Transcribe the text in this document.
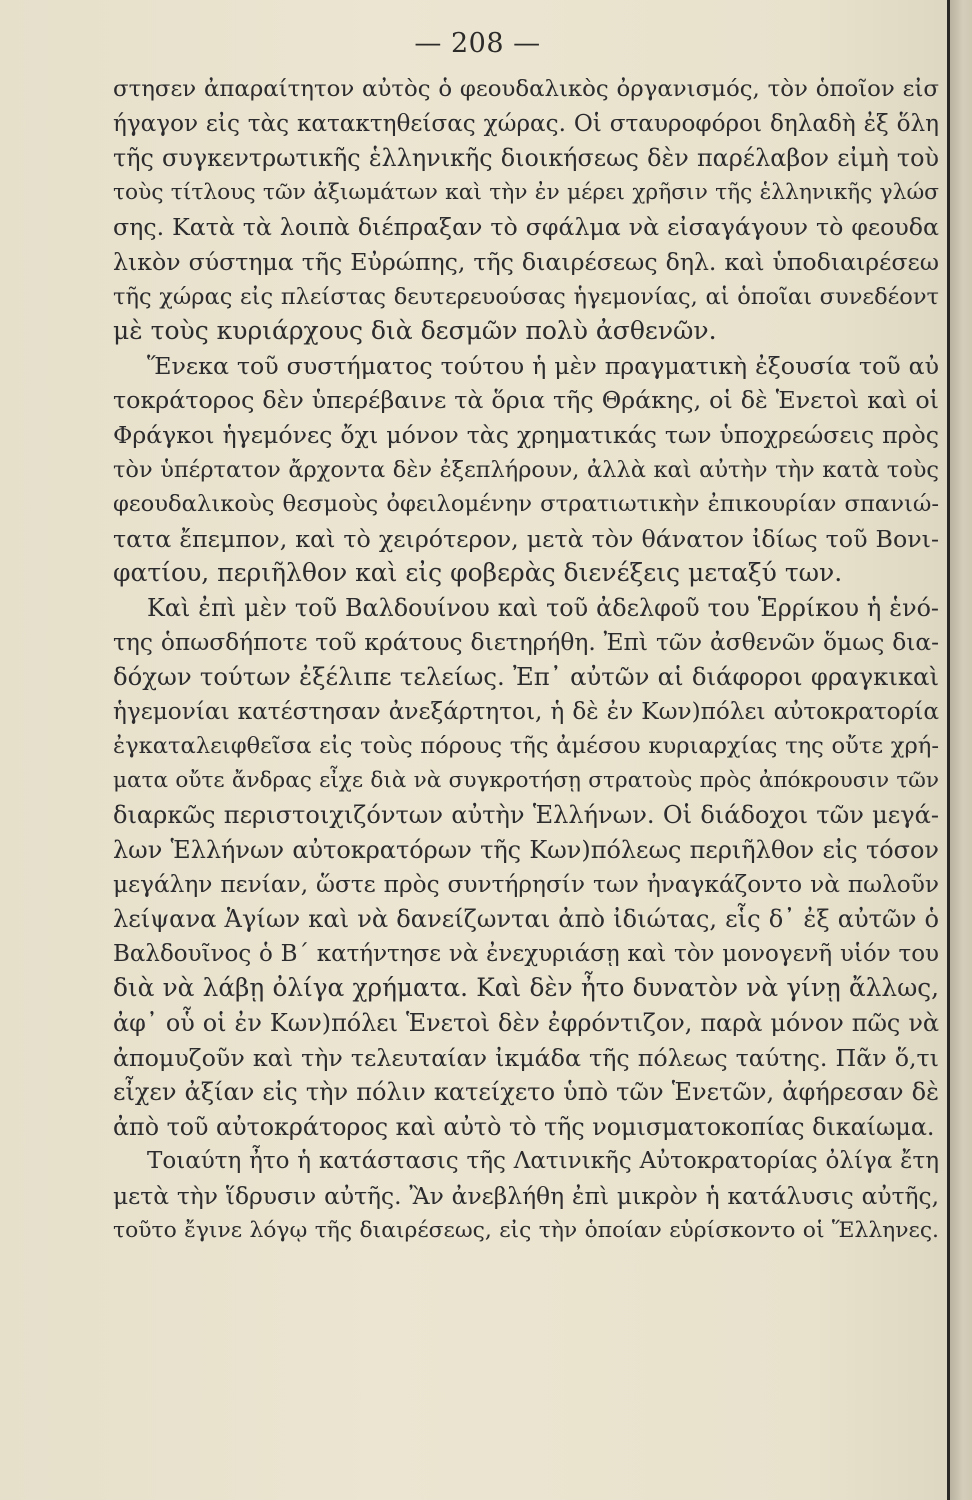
— 208 —
στησεν ἀπαραίτητον αὐτὸς ὁ φεουδαλικὸς ὀργανισμός, τὸν ὁποῖον εἰσ
ήγαγον εἰς τὰς κατακτηθείσας χώρας. Οἱ σταυροφόροι δηλαδὴ ἐξ ὅλη
τῆς συγκεντρωτικῆς ἑλληνικῆς διοικήσεως δὲν παρέλαβον εἰμὴ τοὺ
τοὺς τίτλους τῶν ἀξιωμάτων καὶ τὴν ἐν μέρει χρῆσιν τῆς ἑλληνικῆς γλώσ
σης. Κατὰ τὰ λοιπὰ διέπραξαν τὸ σφάλμα νὰ εἰσαγάγουν τὸ φεουδα
λικὸν σύστημα τῆς Εὐρώπης, τῆς διαιρέσεως δηλ. καὶ ὑποδιαιρέσεω
τῆς χώρας εἰς πλείστας δευτερευούσας ἡγεμονίας, αἱ ὁποῖαι συνεδέοντ
μὲ τοὺς κυριάρχους διὰ δεσμῶν πολὺ ἀσθενῶν.
Ἕνεκα τοῦ συστήματος τούτου ἡ μὲν πραγματικὴ ἐξουσία τοῦ αὐ
τοκράτορος δὲν ὑπερέβαινε τὰ ὅρια τῆς Θράκης, οἱ δὲ Ἑνετοὶ καὶ οἱ
Φράγκοι ἡγεμόνες ὄχι μόνον τὰς χρηματικάς των ὑποχρεώσεις πρὸς
τὸν ὑπέρτατον ἄρχοντα δὲν ἐξεπλήρουν, ἀλλὰ καὶ αὐτὴν τὴν κατὰ τοὺς
φεουδαλικοὺς θεσμοὺς ὀφειλομένην στρατιωτικὴν ἐπικουρίαν σπανιώ-
τατα ἔπεμπον, καὶ τὸ χειρότερον, μετὰ τὸν θάνατον ἰδίως τοῦ Βονι-
φατίου, περιῆλθον καὶ εἰς φοβερὰς διενέξεις μεταξύ των.
Καὶ ἐπὶ μὲν τοῦ Βαλδουίνου καὶ τοῦ ἀδελφοῦ του Ἑρρίκου ἡ ἑνό-
της ὁπωσδήποτε τοῦ κράτους διετηρήθη. Ἐπὶ τῶν ἀσθενῶν ὅμως δια-
δόχων τούτων ἐξέλιπε τελείως. Ἐπ᾽ αὐτῶν αἱ διάφοροι φραγκικαὶ
ἡγεμονίαι κατέστησαν ἀνεξάρτητοι, ἡ δὲ ἐν Κων)πόλει αὐτοκρατορία
ἐγκαταλειφθεῖσα εἰς τοὺς πόρους τῆς ἀμέσου κυριαρχίας της οὔτε χρή-
ματα οὔτε ἄνδρας εἶχε διὰ νὰ συγκροτήσῃ στρατοὺς πρὸς ἀπόκρουσιν τῶν
διαρκῶς περιστοιχιζόντων αὐτὴν Ἑλλήνων. Οἱ διάδοχοι τῶν μεγά-
λων Ἑλλήνων αὐτοκρατόρων τῆς Κων)πόλεως περιῆλθον εἰς τόσον
μεγάλην πενίαν, ὥστε πρὸς συντήρησίν των ἠναγκάζοντο νὰ πωλοῦν
λείψανα Ἁγίων καὶ νὰ δανείζωνται ἀπὸ ἰδιώτας, εἷς δ᾽ ἐξ αὐτῶν ὁ
Βαλδουῖνος ὁ Β´ κατήντησε νὰ ἐνεχυριάσῃ καὶ τὸν μονογενῆ υἱόν του
διὰ νὰ λάβῃ ὀλίγα χρήματα. Καὶ δὲν ἦτο δυνατὸν νὰ γίνῃ ἄλλως,
ἀφ᾽ οὗ οἱ ἐν Κων)πόλει Ἑνετοὶ δὲν ἐφρόντιζον, παρὰ μόνον πῶς νὰ
ἀπομυζοῦν καὶ τὴν τελευταίαν ἰκμάδα τῆς πόλεως ταύτης. Πᾶν ὅ,τι
εἶχεν ἀξίαν εἰς τὴν πόλιν κατείχετο ὑπὸ τῶν Ἑνετῶν, ἀφήρεσαν δὲ
ἀπὸ τοῦ αὐτοκράτορος καὶ αὐτὸ τὸ τῆς νομισματοκοπίας δικαίωμα.
Τοιαύτη ἦτο ἡ κατάστασις τῆς Λατινικῆς Αὐτοκρατορίας ὀλίγα ἔτη
μετὰ τὴν ἵδρυσιν αὐτῆς. Ἂν ἀνεβλήθη ἐπὶ μικρὸν ἡ κατάλυσις αὐτῆς,
τοῦτο ἔγινε λόγῳ τῆς διαιρέσεως, εἰς τὴν ὁποίαν εὑρίσκοντο οἱ Ἕλληνες.
